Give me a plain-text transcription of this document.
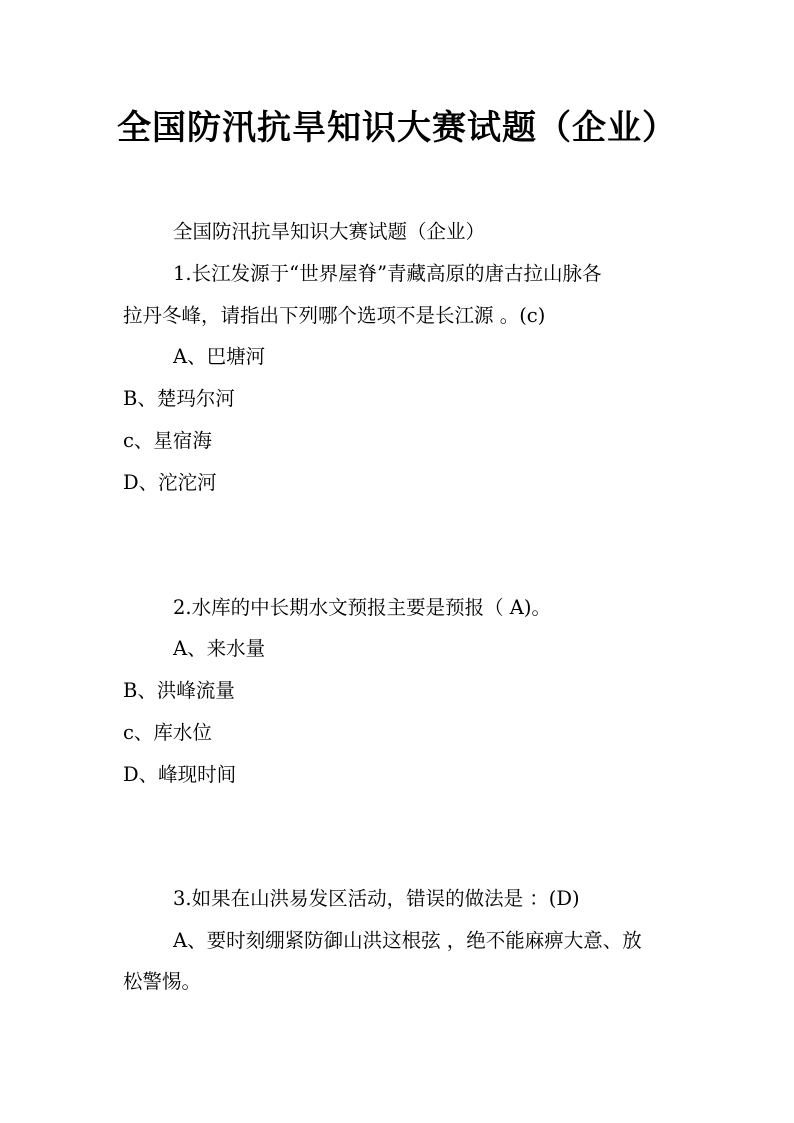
全国防汛抗旱知识大赛试题（企业）
全国防汛抗旱知识大赛试题（企业）
1.长江发源于“世界屋脊”青藏高原的唐古拉山脉各
拉丹冬峰，请指出下列哪个选项不是长江源 。(c)
A、巴塘河
B、楚玛尔河
c、星宿海
D、沱沱河
2.水库的中长期水文预报主要是预报（ A)。
A、来水量
B、洪峰流量
c、库水位
D、峰现时间
3.如果在山洪易发区活动，错误的做法是 ：(D)
A、要时刻绷紧防御山洪这根弦 ，绝不能麻痹大意、放
松警惕。
